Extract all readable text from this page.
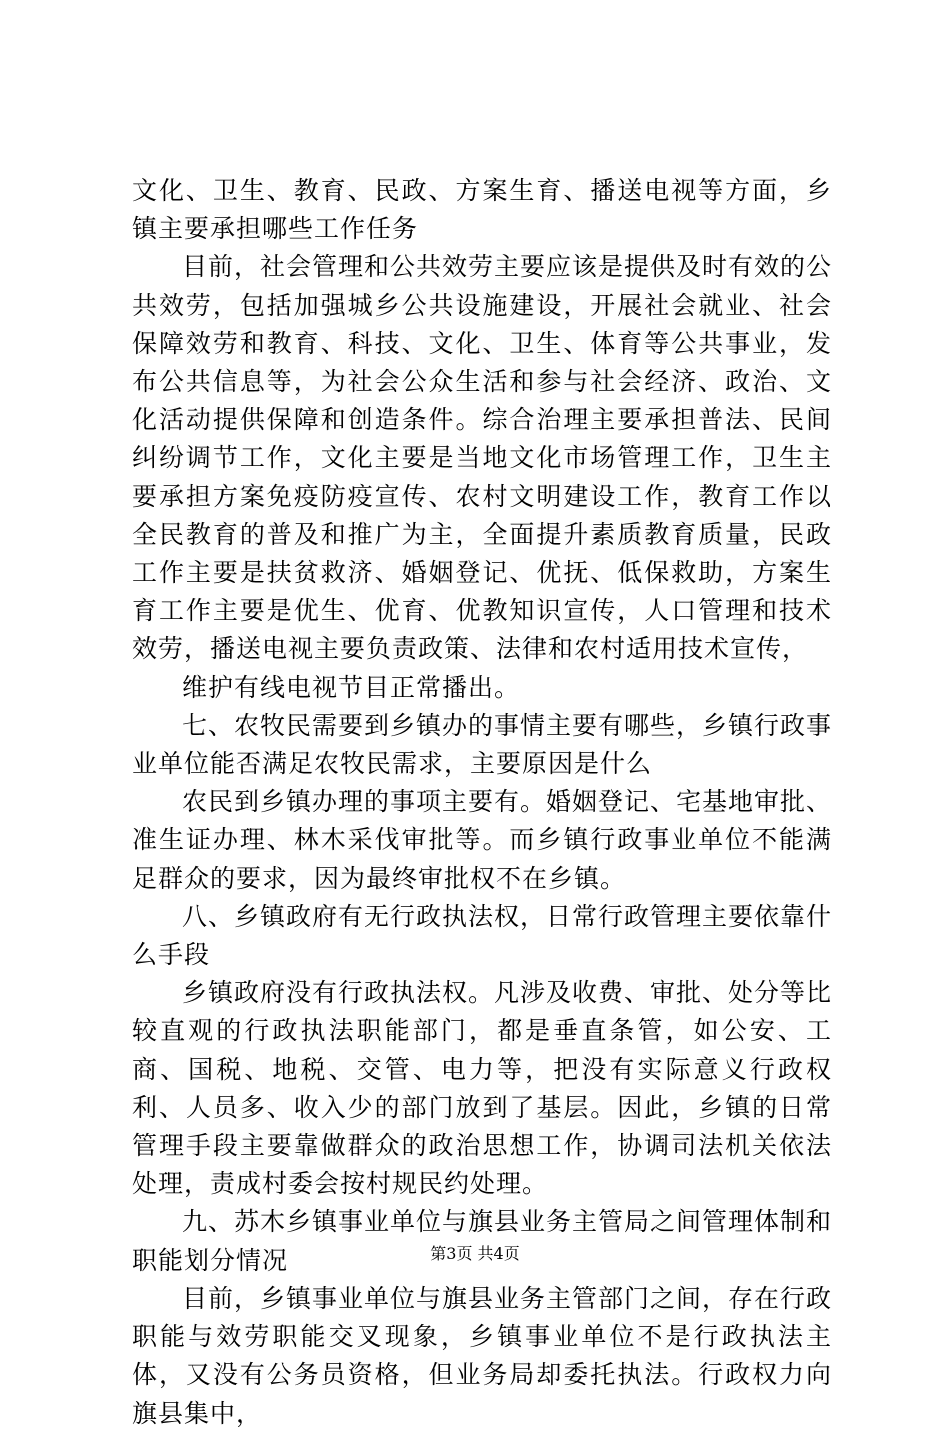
文化、卫生、教育、民政、方案生育、播送电视等方面，乡镇主要承担哪些工作任务

目前，社会管理和公共效劳主要应该是提供及时有效的公共效劳，包括加强城乡公共设施建设，开展社会就业、社会保障效劳和教育、科技、文化、卫生、体育等公共事业，发布公共信息等，为社会公众生活和参与社会经济、政治、文化活动提供保障和创造条件。综合治理主要承担普法、民间纠纷调节工作，文化主要是当地文化市场管理工作，卫生主要承担方案免疫防疫宣传、农村文明建设工作，教育工作以全民教育的普及和推广为主，全面提升素质教育质量，民政工作主要是扶贫救济、婚姻登记、优抚、低保救助，方案生育工作主要是优生、优育、优教知识宣传，人口管理和技术效劳，播送电视主要负责政策、法律和农村适用技术宣传，

维护有线电视节目正常播出。

七、农牧民需要到乡镇办的事情主要有哪些，乡镇行政事业单位能否满足农牧民需求，主要原因是什么

农民到乡镇办理的事项主要有。婚姻登记、宅基地审批、准生证办理、林木采伐审批等。而乡镇行政事业单位不能满足群众的要求，因为最终审批权不在乡镇。

八、乡镇政府有无行政执法权，日常行政管理主要依靠什么手段

乡镇政府没有行政执法权。凡涉及收费、审批、处分等比较直观的行政执法职能部门，都是垂直条管，如公安、工商、国税、地税、交管、电力等，把没有实际意义行政权利、人员多、收入少的部门放到了基层。因此，乡镇的日常管理手段主要靠做群众的政治思想工作，协调司法机关依法处理，责成村委会按村规民约处理。

九、苏木乡镇事业单位与旗县业务主管局之间管理体制和职能划分情况

目前，乡镇事业单位与旗县业务主管部门之间，存在行政职能与效劳职能交叉现象，乡镇事业单位不是行政执法主体，又没有公务员资格，但业务局却委托执法。行政权力向旗县集中，

第3页 共4页
